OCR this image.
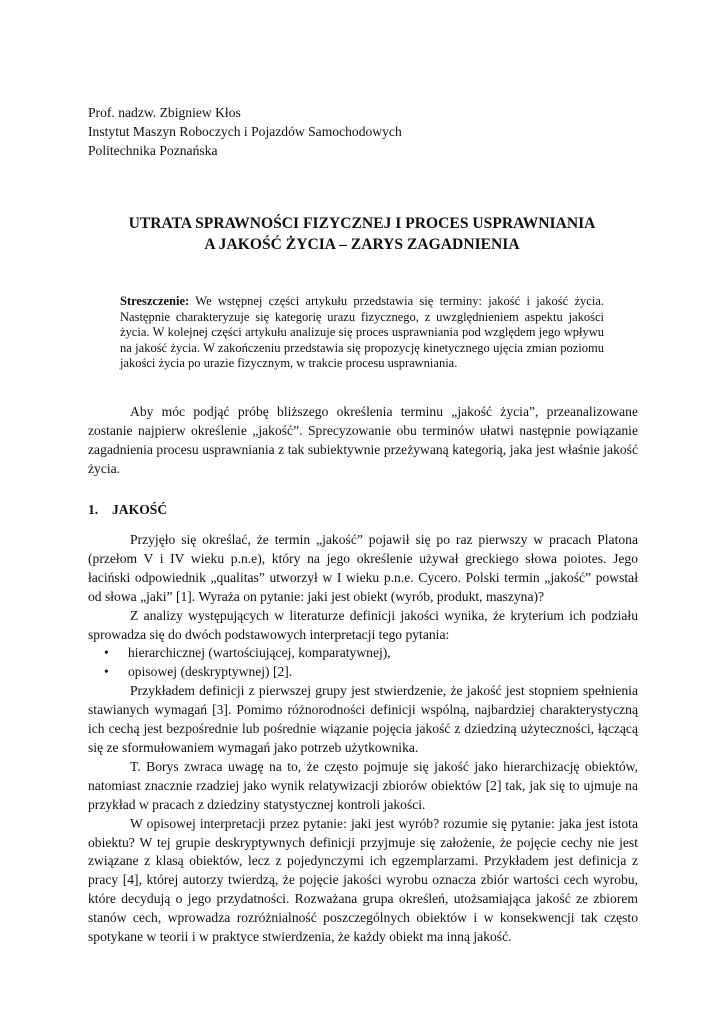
Prof. nadzw. Zbigniew Kłos
Instytut Maszyn Roboczych i Pojazdów Samochodowych
Politechnika Poznańska
UTRATA SPRAWNOŚCI FIZYCZNEJ I PROCES USPRAWNIANIA
A JAKOŚĆ ŻYCIA – ZARYS ZAGADNIENIA

Streszczenie: We wstępnej części artykułu przedstawia się terminy: jakość i jakość życia. Następnie charakteryzuje się kategorię urazu fizycznego, z uwzględnieniem aspektu jakości życia. W kolejnej części artykułu analizuje się proces usprawniania pod względem jego wpływu na jakość życia. W zakończeniu przedstawia się propozycję kinetycznego ujęcia zmian poziomu jakości życia po urazie fizycznym, w trakcie procesu usprawniania.

Aby móc podjąć próbę bliższego określenia terminu „jakość życia”, przeanalizowane zostanie najpierw określenie „jakość”. Sprecyzowanie obu terminów ułatwi następnie powiązanie zagadnienia procesu usprawniania z tak subiektywnie przeżywaną kategorią, jaka jest właśnie jakość życia.

1. JAKOŚĆ

Przyjęło się określać, że termin „jakość” pojawił się po raz pierwszy w pracach Platona (przełom V i IV wieku p.n.e), który na jego określenie używał greckiego słowa poiotes. Jego łaciński odpowiednik „qualitas” utworzył w I wieku p.n.e. Cycero. Polski termin „jakość” powstał od słowa „jaki” [1]. Wyraża on pytanie: jaki jest obiekt (wyrób, produkt, maszyna)?

Z analizy występujących w literaturze definicji jakości wynika, że kryterium ich podziału sprowadza się do dwóch podstawowych interpretacji tego pytania:

• hierarchicznej (wartościującej, komparatywnej),
• opisowej (deskryptywnej) [2].

Przykładem definicji z pierwszej grupy jest stwierdzenie, że jakość jest stopniem spełnienia stawianych wymagań [3]. Pomimo różnorodności definicji wspólną, najbardziej charakterystyczną ich cechą jest bezpośrednie lub pośrednie wiązanie pojęcia jakość z dziedziną użyteczności, łączącą się ze sformułowaniem wymagań jako potrzeb użytkownika.

T. Borys zwraca uwagę na to, że często pojmuje się jakość jako hierarchizację obiektów, natomiast znacznie rzadziej jako wynik relatywizacji zbiorów obiektów [2] tak, jak się to ujmuje na przykład w pracach z dziedziny statystycznej kontroli jakości.

W opisowej interpretacji przez pytanie: jaki jest wyrób? rozumie się pytanie: jaka jest istota obiektu? W tej grupie deskryptywnych definicji przyjmuje się założenie, że pojęcie cechy nie jest związane z klasą obiektów, lecz z pojedynczymi ich egzemplarzami. Przykładem jest definicja z pracy [4], której autorzy twierdzą, że pojęcie jakości wyrobu oznacza zbiór wartości cech wyrobu, które decydują o jego przydatności. Rozważana grupa określeń, utożsamiająca jakość ze zbiorem stanów cech, wprowadza rozróżnialność poszczególnych obiektów i w konsekwencji tak często spotykane w teorii i w praktyce stwierdzenia, że każdy obiekt ma inną jakość.
